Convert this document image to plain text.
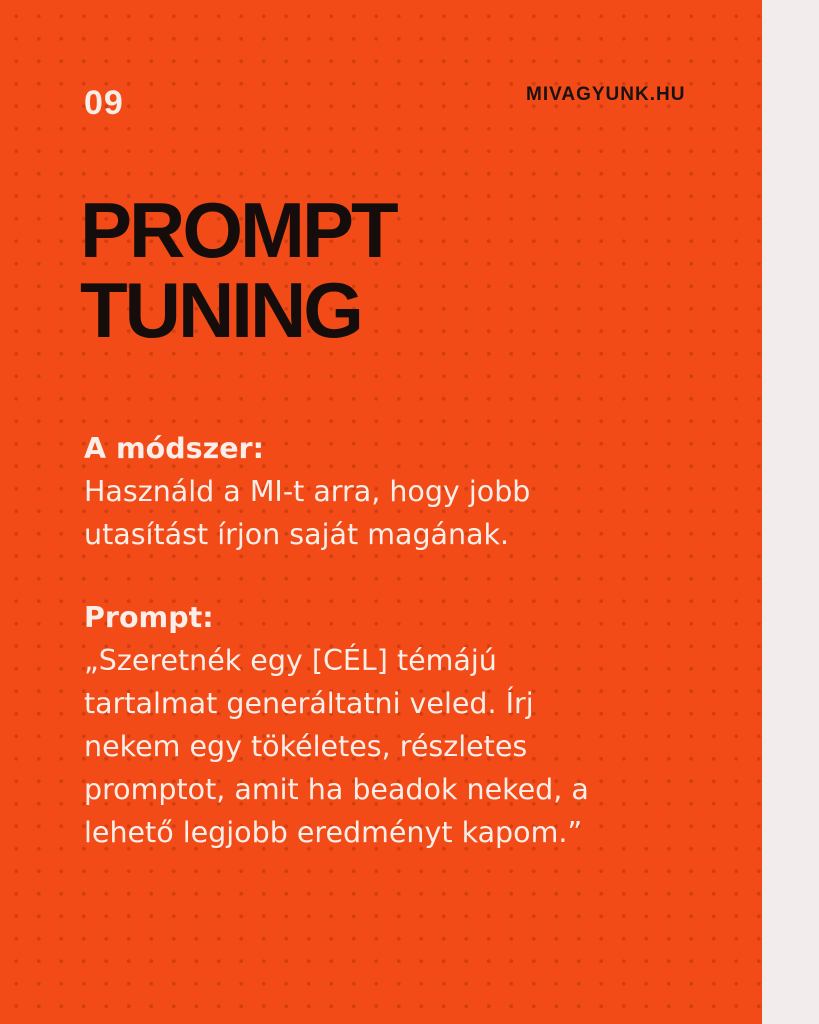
09	MIVAGYUNK.HU
PROMPT
TUNING
A módszer:
Használd a MI-t arra, hogy jobb
utasítást írjon saját magának.
Prompt:
„Szeretnék egy [CÉL] témájú
tartalmat generáltatni veled. Írj
nekem egy tökéletes, részletes
promptot, amit ha beadok neked, a
lehető legjobb eredményt kapom.”
